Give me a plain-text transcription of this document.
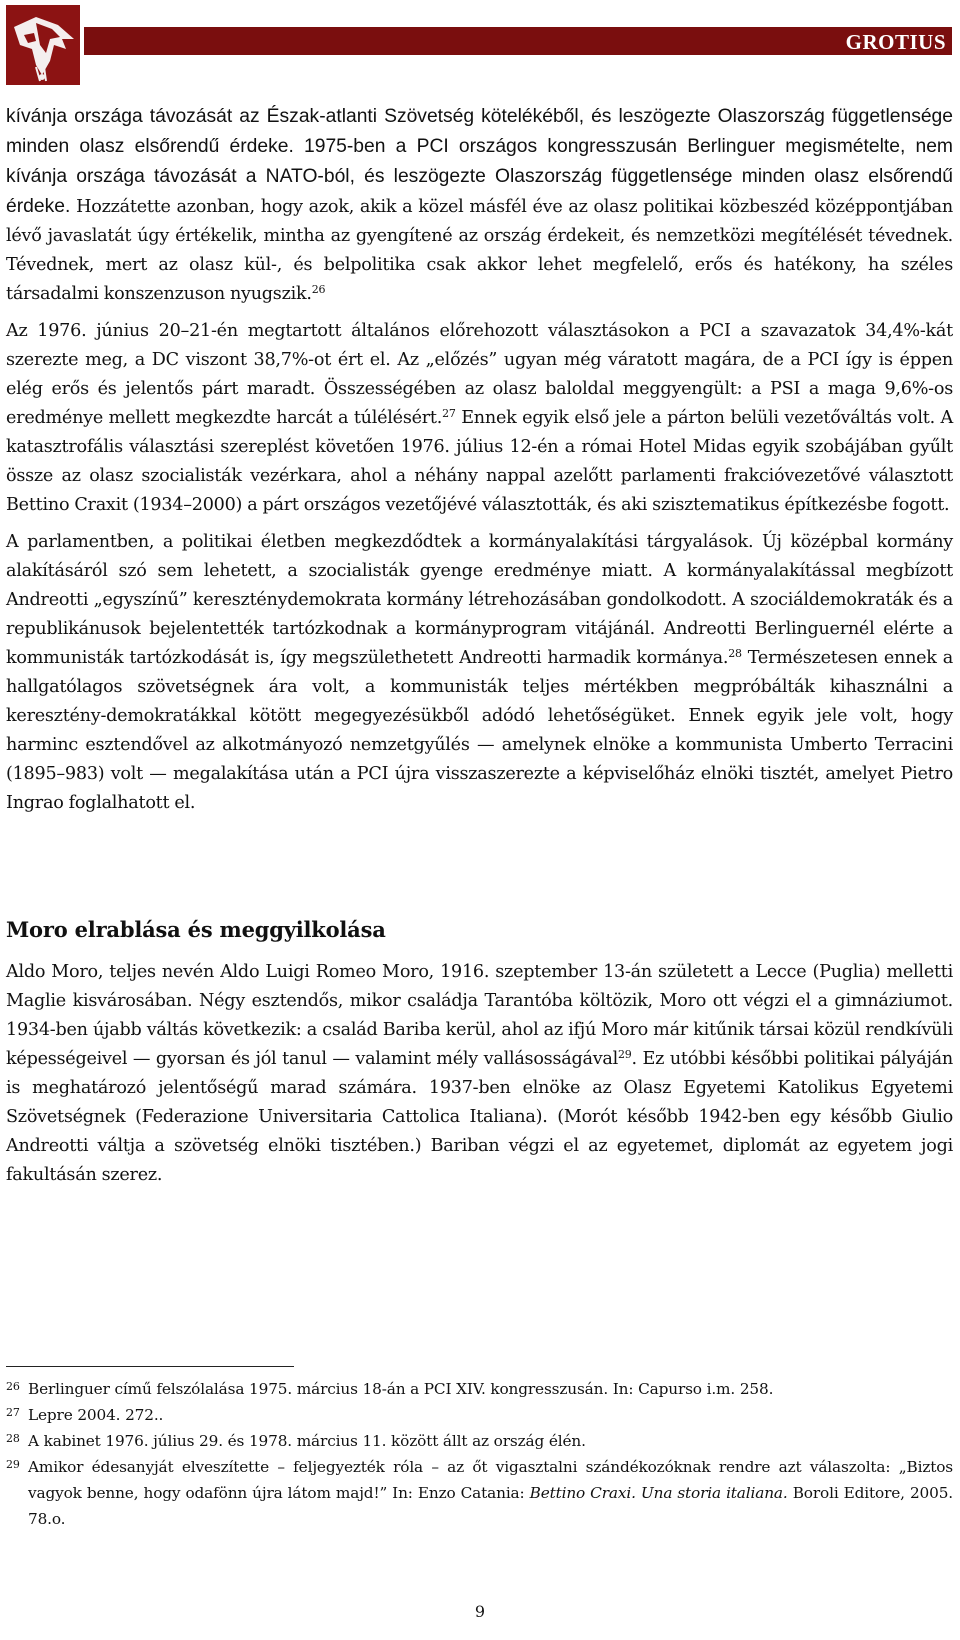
GROTIUS

kívánja országa távozását az Észak-atlanti Szövetség kötelékéből, és leszögezte Olaszország függetlensége minden olasz elsőrendű érdeke. 1975-ben a PCI országos kongresszusán Berlinguer megismételte, nem kívánja országa távozását a NATO-ból, és leszögezte Olaszország függetlensége minden olasz elsőrendű érdeke. Hozzátette azonban, hogy azok, akik a közel másfél éve az olasz politikai közbeszéd középpontjában lévő javaslatát úgy értékelik, mintha az gyengítené az ország érdekeit, és nemzetközi megítélését tévednek. Tévednek, mert az olasz kül-, és belpolitika csak akkor lehet megfelelő, erős és hatékony, ha széles társadalmi konszenzuson nyugszik.$^{26}$

Az 1976. június 20–21-én megtartott általános előrehozott választásokon a PCI a szavazatok 34,4%-kát szerezte meg, a DC viszont 38,7%-ot ért el. Az „előzés” ugyan még váratott magára, de a PCI így is éppen elég erős és jelentős párt maradt. Összességében az olasz baloldal meggyengült: a PSI a maga 9,6%-os eredménye mellett megkezdte harcát a túlélésért.$^{27}$ Ennek egyik első jele a párton belüli vezetőváltás volt. A katasztrofális választási szereplést követően 1976. július 12-én a római Hotel Midas egyik szobájában gyűlt össze az olasz szocialisták vezérkara, ahol a néhány nappal azelőtt parlamenti frakcióvezetővé választott Bettino Craxit (1934–2000) a párt országos vezetőjévé választották, és aki szisztematikus építkezésbe fogott.

A parlamentben, a politikai életben megkezdődtek a kormányalakítási tárgyalások. Új középbal kormány alakításáról szó sem lehetett, a szocialisták gyenge eredménye miatt. A kormányalakítással megbízott Andreotti „egyszínű” kereszténydemokrata kormány létrehozásában gondolkodott. A szociáldemokraták és a republikánusok bejelentették tartózkodnak a kormányprogram vitájánál. Andreotti Berlinguernél elérte a kommunisták tartózkodását is, így megszülethetett Andreotti harmadik kormánya.$^{28}$ Természetesen ennek a hallgatólagos szövetségnek ára volt, a kommunisták teljes mértékben megpróbálták kihasználni a keresztény-demokratákkal kötött megegyezésükből adódó lehetőségüket. Ennek egyik jele volt, hogy harminc esztendővel az alkotmányozó nemzetgyűlés — amelynek elnöke a kommunista Umberto Terracini (1895–983) volt — megalakítása után a PCI újra visszaszerezte a képviselőház elnöki tisztét, amelyet Pietro Ingrao foglalhatott el.

Moro elrablása és meggyilkolása

Aldo Moro, teljes nevén Aldo Luigi Romeo Moro, 1916. szeptember 13-án született a Lecce (Puglia) melletti Maglie kisvárosában. Négy esztendős, mikor családja Tarantóba költözik, Moro ott végzi el a gimnáziumot. 1934-ben újabb váltás következik: a család Bariba kerül, ahol az ifjú Moro már kitűnik társai közül rendkívüli képességeivel — gyorsan és jól tanul — valamint mély vallásosságával$^{29}$. Ez utóbbi későbbi politikai pályáján is meghatározó jelentőségű marad számára. 1937-ben elnöke az Olasz Egyetemi Katolikus Egyetemi Szövetségnek (Federazione Universitaria Cattolica Italiana). (Morót később 1942-ben egy később Giulio Andreotti váltja a szövetség elnöki tisztében.) Bariban végzi el az egyetemet, diplomát az egyetem jogi fakultásán szerez.

26 Berlinguer című felszólalása 1975. március 18-án a PCI XIV. kongresszusán. In: Capurso i.m. 258.
27 Lepre 2004. 272..
28 A kabinet 1976. július 29. és 1978. március 11. között állt az ország élén.
29 Amikor édesanyját elveszítette – feljegyezték róla – az őt vigasztalni szándékozóknak rendre azt válaszolta: „Biztos vagyok benne, hogy odafönn újra látom majd!” In: Enzo Catania: Bettino Craxi. Una storia italiana. Boroli Editore, 2005. 78.o.
9
